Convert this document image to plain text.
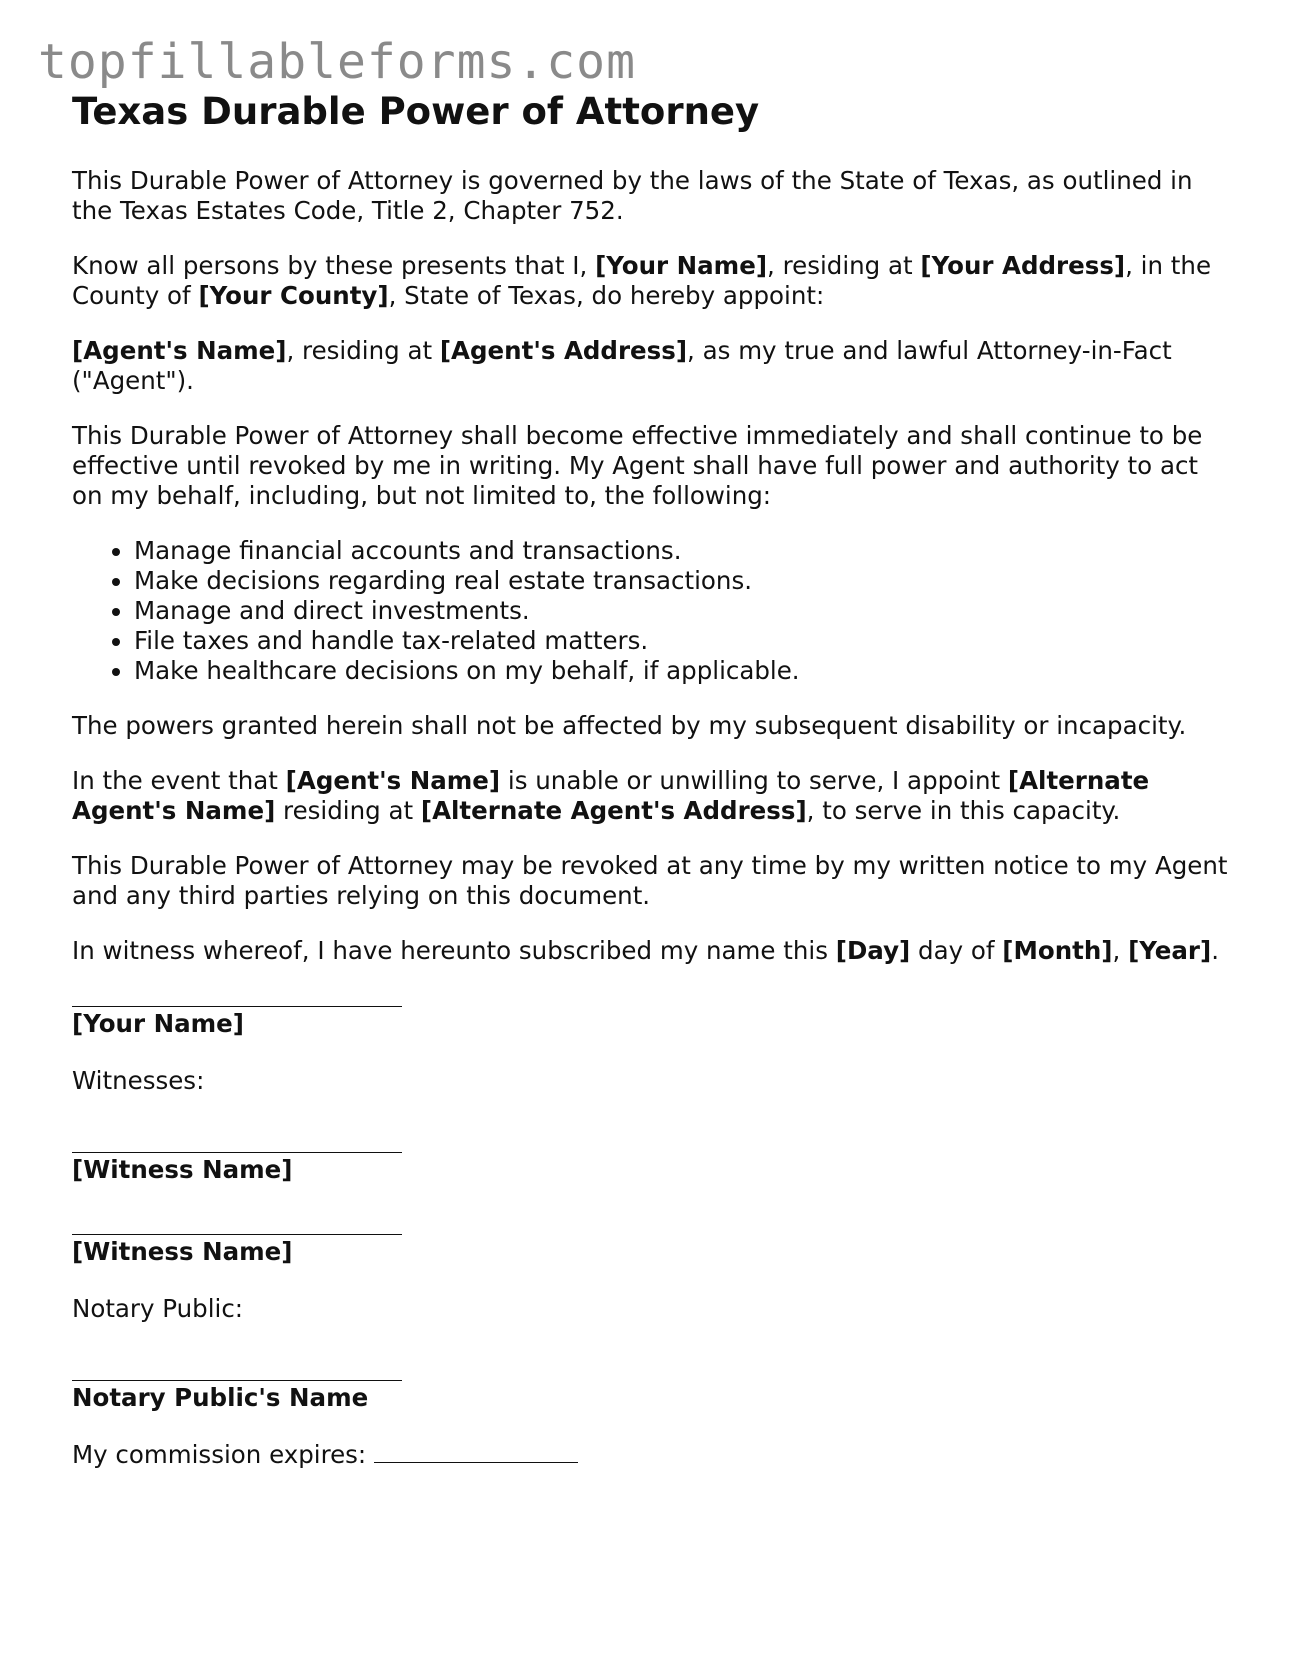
topfillableforms.com
Texas Durable Power of Attorney

This Durable Power of Attorney is governed by the laws of the State of Texas, as outlined in the Texas Estates Code, Title 2, Chapter 752.

Know all persons by these presents that I, [Your Name], residing at [Your Address], in the County of [Your County], State of Texas, do hereby appoint:

[Agent's Name], residing at [Agent's Address], as my true and lawful Attorney-in-Fact ("Agent").

This Durable Power of Attorney shall become effective immediately and shall continue to be effective until revoked by me in writing. My Agent shall have full power and authority to act on my behalf, including, but not limited to, the following:

• Manage financial accounts and transactions.
• Make decisions regarding real estate transactions.
• Manage and direct investments.
• File taxes and handle tax-related matters.
• Make healthcare decisions on my behalf, if applicable.

The powers granted herein shall not be affected by my subsequent disability or incapacity.

In the event that [Agent's Name] is unable or unwilling to serve, I appoint [Alternate Agent's Name] residing at [Alternate Agent's Address], to serve in this capacity.

This Durable Power of Attorney may be revoked at any time by my written notice to my Agent and any third parties relying on this document.

In witness whereof, I have hereunto subscribed my name this [Day] day of [Month], [Year].

[Your Name]
Witnesses:
[Witness Name]
[Witness Name]
Notary Public:
Notary Public's Name
My commission expires:
